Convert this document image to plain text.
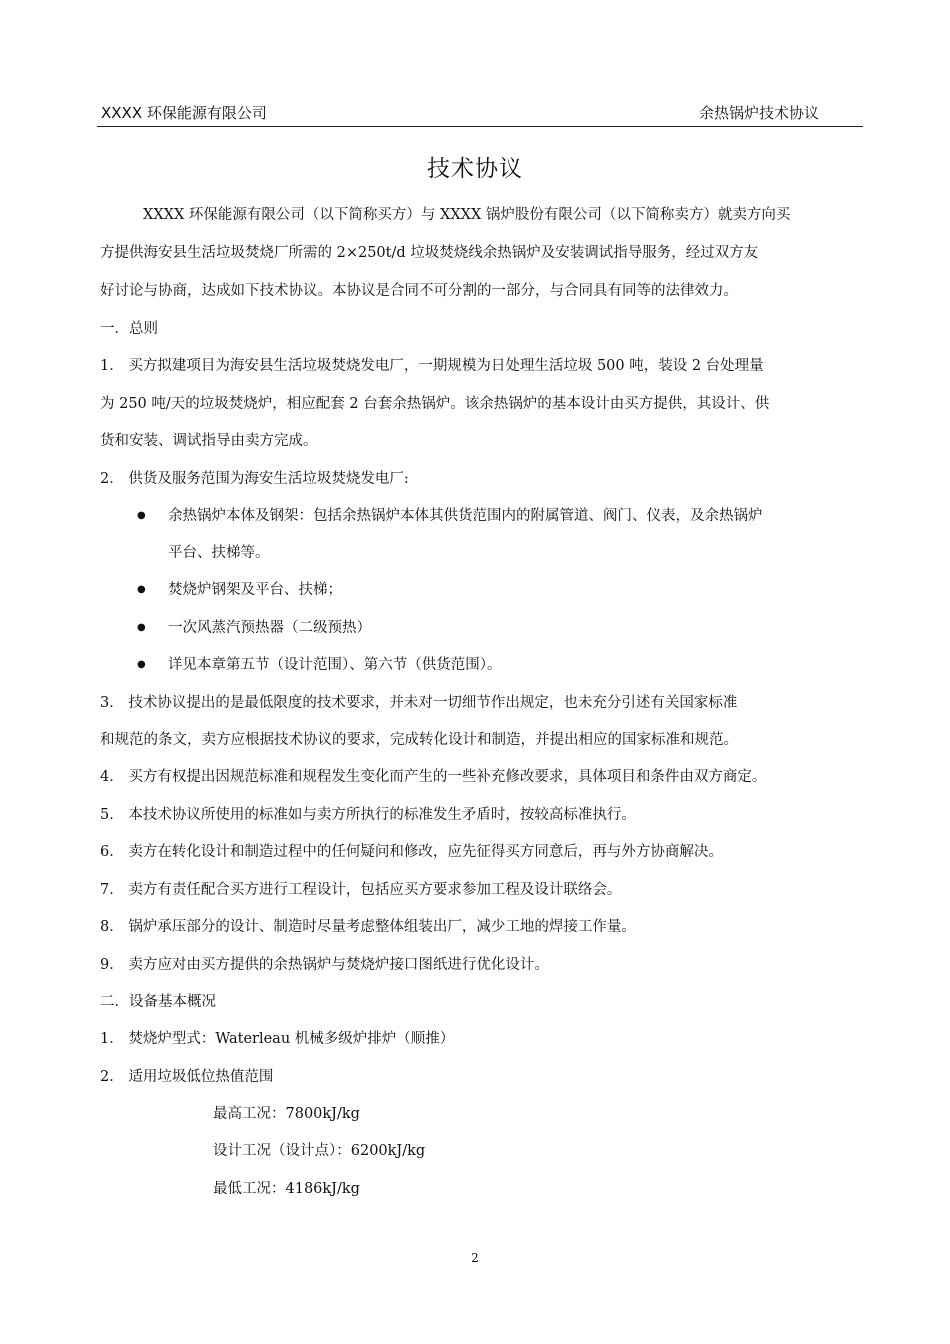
XXXX 环保能源有限公司	余热锅炉技术协议
技术协议
XXXX 环保能源有限公司（以下简称买方）与 XXXX 锅炉股份有限公司（以下简称卖方）就卖方向买
方提供海安县生活垃圾焚烧厂所需的 2×250t/d 垃圾焚烧线余热锅炉及安装调试指导服务，经过双方友
好讨论与协商，达成如下技术协议。本协议是合同不可分割的一部分，与合同具有同等的法律效力。
一．总则
1． 买方拟建项目为海安县生活垃圾焚烧发电厂，一期规模为日处理生活垃圾 500 吨，装设 2 台处理量
为 250 吨/天的垃圾焚烧炉，相应配套 2 台套余热锅炉。该余热锅炉的基本设计由买方提供，其设计、供
货和安装、调试指导由卖方完成。
2． 供货及服务范围为海安生活垃圾焚烧发电厂:
● 余热锅炉本体及钢架：包括余热锅炉本体其供货范围内的附属管道、阀门、仪表，及余热锅炉
平台、扶梯等。
● 焚烧炉钢架及平台、扶梯；
● 一次风蒸汽预热器（二级预热）
● 详见本章第五节（设计范围）、第六节（供货范围）。
3． 技术协议提出的是最低限度的技术要求，并未对一切细节作出规定，也未充分引述有关国家标准
和规范的条文，卖方应根据技术协议的要求，完成转化设计和制造，并提出相应的国家标准和规范。
4． 买方有权提出因规范标准和规程发生变化而产生的一些补充修改要求，具体项目和条件由双方商定。
5． 本技术协议所使用的标准如与卖方所执行的标准发生矛盾时，按较高标准执行。
6． 卖方在转化设计和制造过程中的任何疑问和修改，应先征得买方同意后，再与外方协商解决。
7． 卖方有责任配合买方进行工程设计，包括应买方要求参加工程及设计联络会。
8． 锅炉承压部分的设计、制造时尽量考虑整体组装出厂，减少工地的焊接工作量。
9． 卖方应对由买方提供的余热锅炉与焚烧炉接口图纸进行优化设计。
二．设备基本概况
1． 焚烧炉型式：Waterleau 机械多级炉排炉（顺推）
2． 适用垃圾低位热值范围
最高工况：7800kJ/kg
设计工况（设计点）：6200kJ/kg
最低工况：4186kJ/kg
2
